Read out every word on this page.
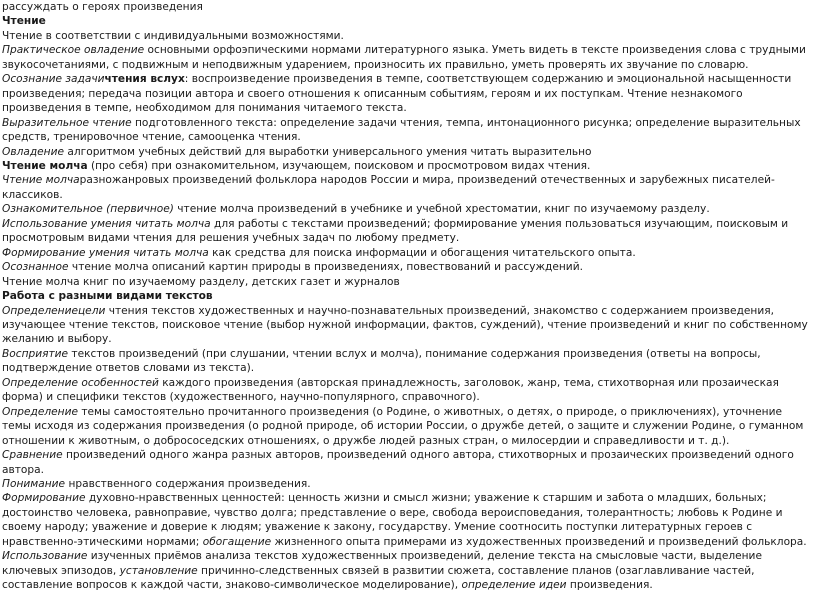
рассуждать о героях произведения

Чтение

Чтение в соответствии с индивидуальными возможностями.

Практическое овладение основными орфоэпическими нормами литературного языка. Уметь видеть в тексте произведения слова с трудными звукосочетаниями, с подвижным и неподвижным ударением, произносить их правильно, уметь проверять их звучание по словарю.

Осознание задачичтения вслух: воспроизведение произведения в темпе, соответствующем содержанию и эмоциональной насыщенности произведения; передача позиции автора и своего отношения к описанным событиям, героям и их поступкам. Чтение незнакомого произведения в темпе, необходимом для понимания читаемого текста.

Выразительное чтение подготовленного текста: определение задачи чтения, темпа, интонационного рисунка; определение выразительных средств, тренировочное чтение, самооценка чтения.

Овладение алгоритмом учебных действий для выработки универсального умения читать выразительно

Чтение молча (про себя) при ознакомительном, изучающем, поисковом и просмотровом видах чтения.

Чтение молчаразножанровых произведений фольклора народов России и мира, произведений отечественных и зарубежных писателей-классиков.

Ознакомительное (первичное) чтение молча произведений в учебнике и учебной хрестоматии, книг по изучаемому разделу.

Использование умения читать молча для работы с текстами произведений; формирование умения пользоваться изучающим, поисковым и просмотровым видами чтения для решения учебных задач по любому предмету.

Формирование умения читать молча как средства для поиска информации и обогащения читательского опыта.

Осознанное чтение молча описаний картин природы в произведениях, повествований и рассуждений.

Чтение молча книг по изучаемому разделу, детских газет и журналов

Работа с разными видами текстов

Определениецели чтения текстов художественных и научно-познавательных произведений, знакомство с содержанием произведения, изучающее чтение текстов, поисковое чтение (выбор нужной информации, фактов, суждений), чтение произведений и книг по собственному желанию и выбору.

Восприятие текстов произведений (при слушании, чтении вслух и молча), понимание содержания произведения (ответы на вопросы, подтверждение ответов словами из текста).

Определение особенностей каждого произведения (авторская принадлежность, заголовок, жанр, тема, стихотворная или прозаическая форма) и специфики текстов (художественного, научно-популярного, справочного).

Определение темы самостоятельно прочитанного произведения (о Родине, о животных, о детях, о природе, о приключениях), уточнение темы исходя из содержания произведения (о родной природе, об истории России, о дружбе детей, о защите и служении Родине, о гуманном отношении к животным, о добрососедских отношениях, о дружбе людей разных стран, о милосердии и справедливости и т. д.).

Сравнение произведений одного жанра разных авторов, произведений одного автора, стихотворных и прозаических произведений одного автора.

Понимание нравственного содержания произведения.

Формирование духовно-нравственных ценностей: ценность жизни и смысл жизни; уважение к старшим и забота о младших, больных; достоинство человека, равноправие, чувство долга; представление о вере, свобода вероисповедания, толерантность; любовь к Родине и своему народу; уважение и доверие к людям; уважение к закону, государству. Умение соотносить поступки литературных героев с нравственно-этическими нормами; обогащение жизненного опыта примерами из художественных произведений и произведений фольклора.

Использование изученных приёмов анализа текстов художественных произведений, деление текста на смысловые части, выделение ключевых эпизодов, установление причинно-следственных связей в развитии сюжета, составление планов (озаглавливание частей, составление вопросов к каждой части, знаково-символическое моделирование), определение идеи произведения.
